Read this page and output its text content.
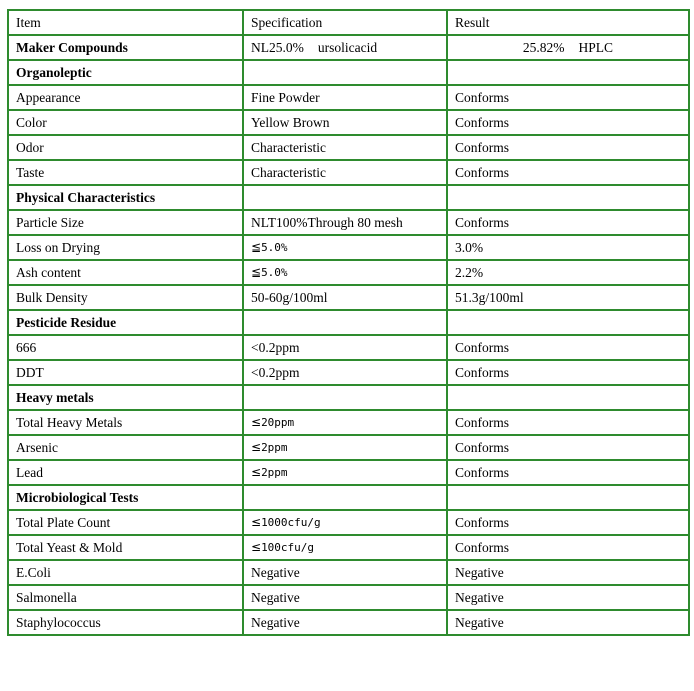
Item	Specification	Result
Maker Compounds	NL25.0% ursolicacid	25.82% HPLC
Organoleptic		
Appearance	Fine Powder	Conforms
Color	Yellow Brown	Conforms
Odor	Characteristic	Conforms
Taste	Characteristic	Conforms
Physical Characteristics		
Particle Size	NLT100%Through 80 mesh	Conforms
Loss on Drying	≦5.0%	3.0%
Ash content	≦5.0%	2.2%
Bulk Density	50-60g/100ml	51.3g/100ml
Pesticide Residue		
666	<0.2ppm	Conforms
DDT	<0.2ppm	Conforms
Heavy metals		
Total Heavy Metals	≤20ppm	Conforms
Arsenic	≤2ppm	Conforms
Lead	≤2ppm	Conforms
Microbiological Tests		
Total Plate Count	≤1000cfu/g	Conforms
Total Yeast & Mold	≤100cfu/g	Conforms
E.Coli	Negative	Negative
Salmonella	Negative	Negative
Staphylococcus	Negative	Negative
